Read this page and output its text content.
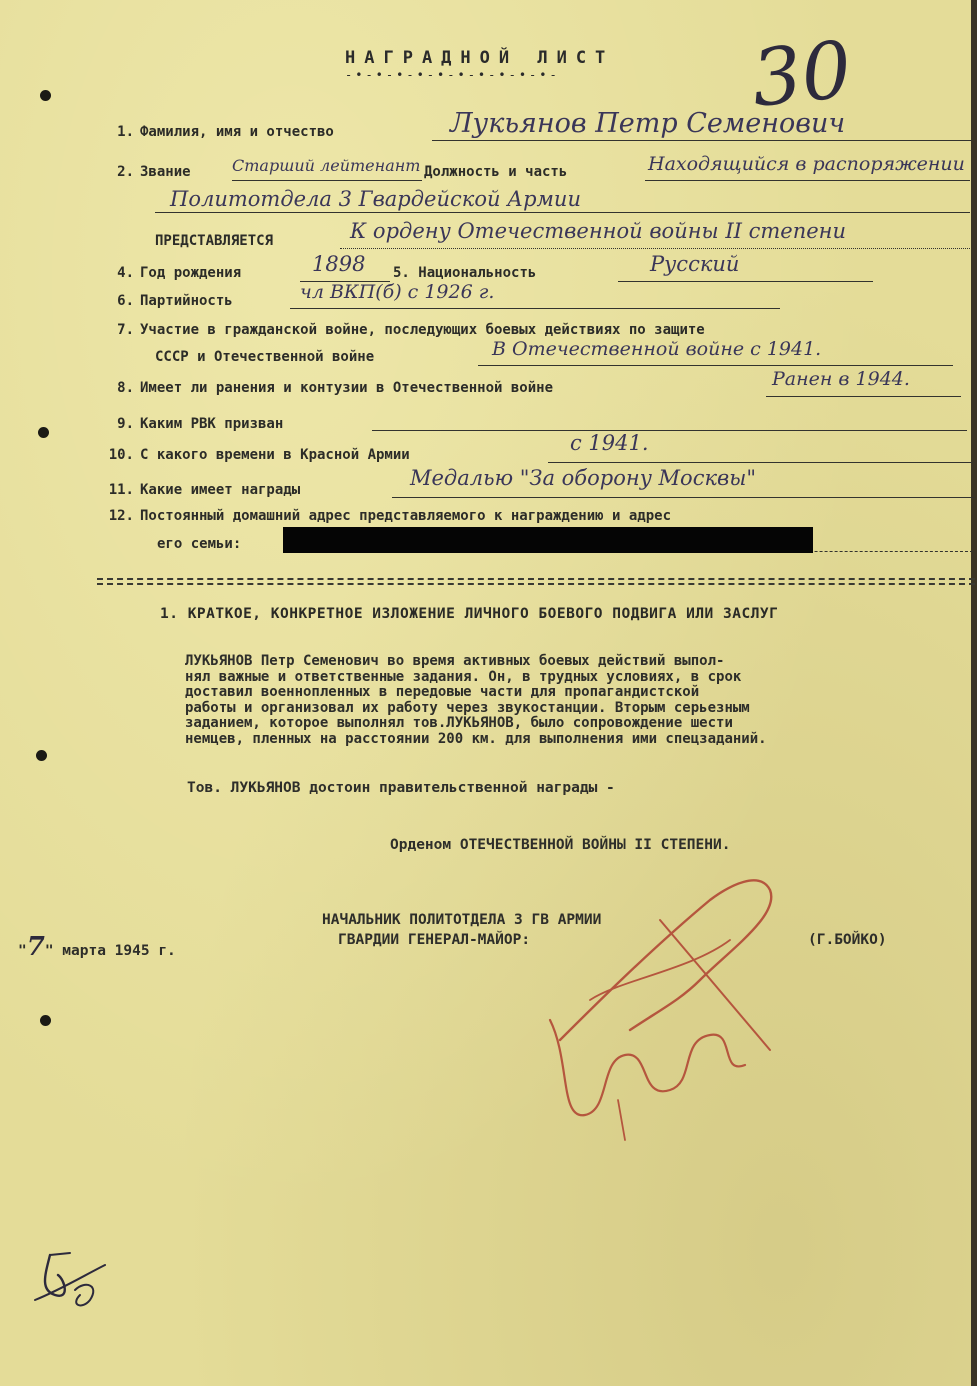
НАГРАДНОЙ ЛИСТ
-•-•-•-•-•-•-•-•-•-•- 30
1. Фамилия, имя и отчество	Лукьянов Петр Семенович
2. Звание	Старший лейтенант Должность и часть	Находящийся в распоряжении
Политотдела 3 Гвардейской Армии
ПРЕДСТАВЛЯЕТСЯ	К ордену Отечественной войны II степени
4. Год рождения	1898 5. Национальность	Русский
6. Партийность	чл ВКП(б) с 1926 г.
7. Участие в гражданской войне, последующих боевых действиях по защите
СССР и Отечественной войне	В Отечественной войне с 1941.
8. Имеет ли ранения и контузии в Отечественной войне	Ранен в 1944.
9. Каким РВК призван
10. С какого времени в Красной Армии	с 1941.
11. Какие имеет награды	Медалью "За оборону Москвы"
12. Постоянный домашний адрес представляемого к награждению и адрес
его семьи:
1. КРАТКОЕ, КОНКРЕТНОЕ ИЗЛОЖЕНИЕ ЛИЧНОГО БОЕВОГО ПОДВИГА ИЛИ ЗАСЛУГ
ЛУКЬЯНОВ Петр Семенович во время активных боевых действий выпол-
нял важные и ответственные задания. Он, в трудных условиях, в срок
доставил военнопленных в передовые части для пропагандистской
работы и организовал их работу через звукостанции. Вторым серьезным
заданием, которое выполнял тов.ЛУКЬЯНОВ, было сопровождение шести
немцев, пленных на расстоянии 200 км. для выполнения ими спецзаданий.
Тов. ЛУКЬЯНОВ достоин правительственной награды -
Орденом ОТЕЧЕСТВЕННОЙ ВОЙНЫ II СТЕПЕНИ.
"7" марта 1945 г.
НАЧАЛЬНИК ПОЛИТОТДЕЛА 3 ГВ АРМИИ
ГВАРДИИ ГЕНЕРАЛ-МАЙОР:	(Г.БОЙКО)
